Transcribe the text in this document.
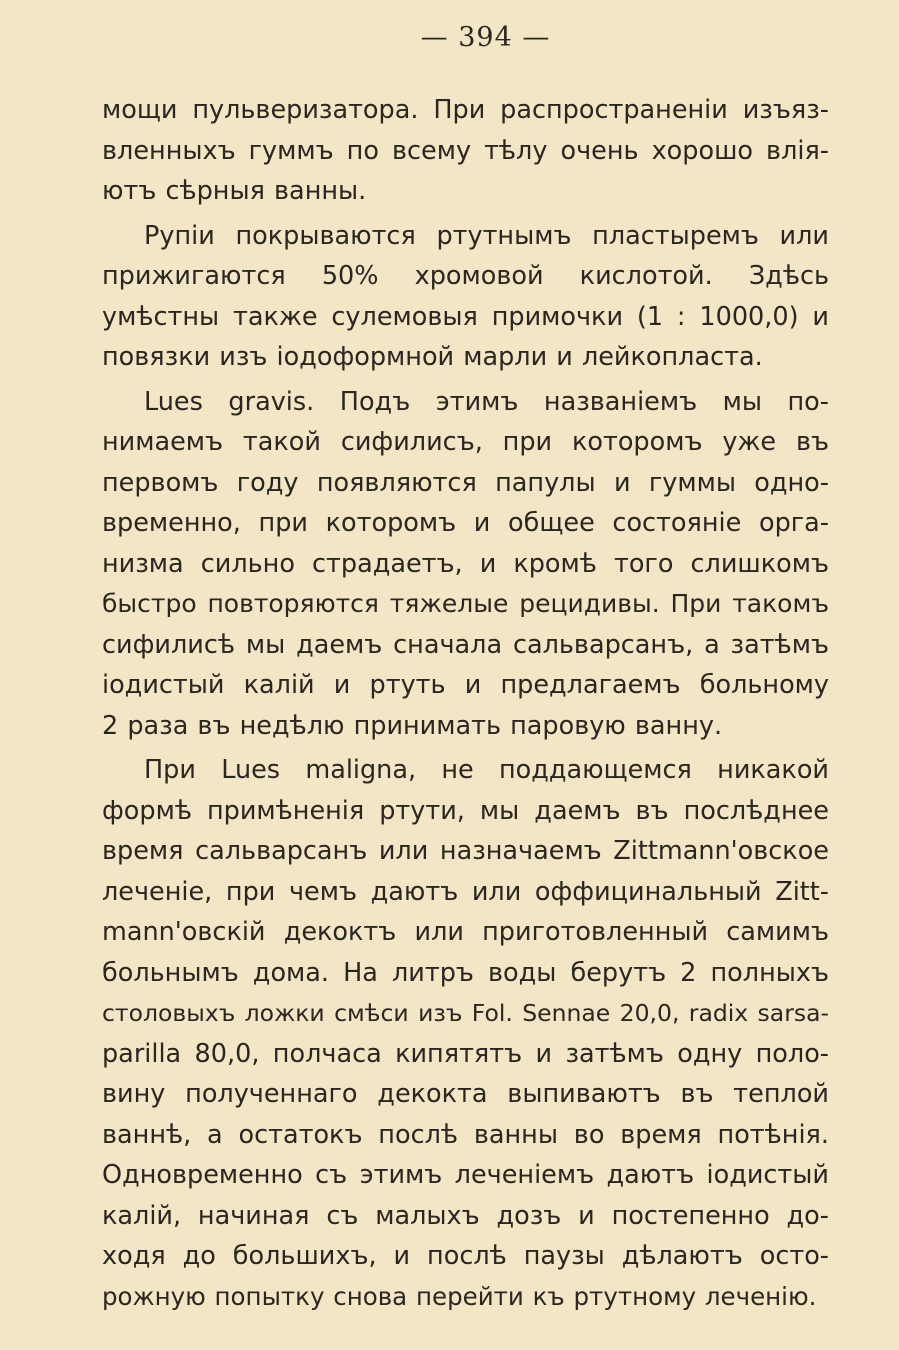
— 394 —
мощи пульверизатора. При распространенiи изъяз-
вленныхъ гуммъ по всему тѣлу очень хорошо влія-
ютъ сѣрныя ванны.
Рупiи покрываются ртутнымъ пластыремъ или
прижигаются 50% хромовой кислотой. Здѣсь
умѣстны также сулемовыя примочки (1 : 1000,0) и
повязки изъ iодоформной марли и лейкопласта.
Lues gravis. Подъ этимъ названiемъ мы по-
нимаемъ такой сифилисъ, при которомъ уже въ
первомъ году появляются папулы и гуммы одно-
временно, при которомъ и общее состоянiе орга-
низма сильно страдаетъ, и кромѣ того слишкомъ
быстро повторяются тяжелые рецидивы. При такомъ
сифилисѣ мы даемъ сначала сальварсанъ, а затѣмъ
iодистый калiй и ртуть и предлагаемъ больному
2 раза въ недѣлю принимать паровую ванну.
При Lues maligna, не поддающемся никакой
формѣ примѣненiя ртути, мы даемъ въ послѣднее
время сальварсанъ или назначаемъ Zittmann'овское
леченiе, при чемъ даютъ или оффицинальный Zitt-
mann'овскiй декоктъ или приготовленный самимъ
больнымъ дома. На литръ воды берутъ 2 полныхъ
столовыхъ ложки смѣси изъ Fol. Sennae 20,0, radix sarsa-
parilla 80,0, полчаса кипятятъ и затѣмъ одну поло-
вину полученнаго декокта выпиваютъ въ теплой
ваннѣ, а остатокъ послѣ ванны во время потѣнiя.
Одновременно съ этимъ леченiемъ даютъ iодистый
калiй, начиная съ малыхъ дозъ и постепенно до-
ходя до большихъ, и послѣ паузы дѣлаютъ осто-
рожную попытку снова перейти къ ртутному леченiю.
